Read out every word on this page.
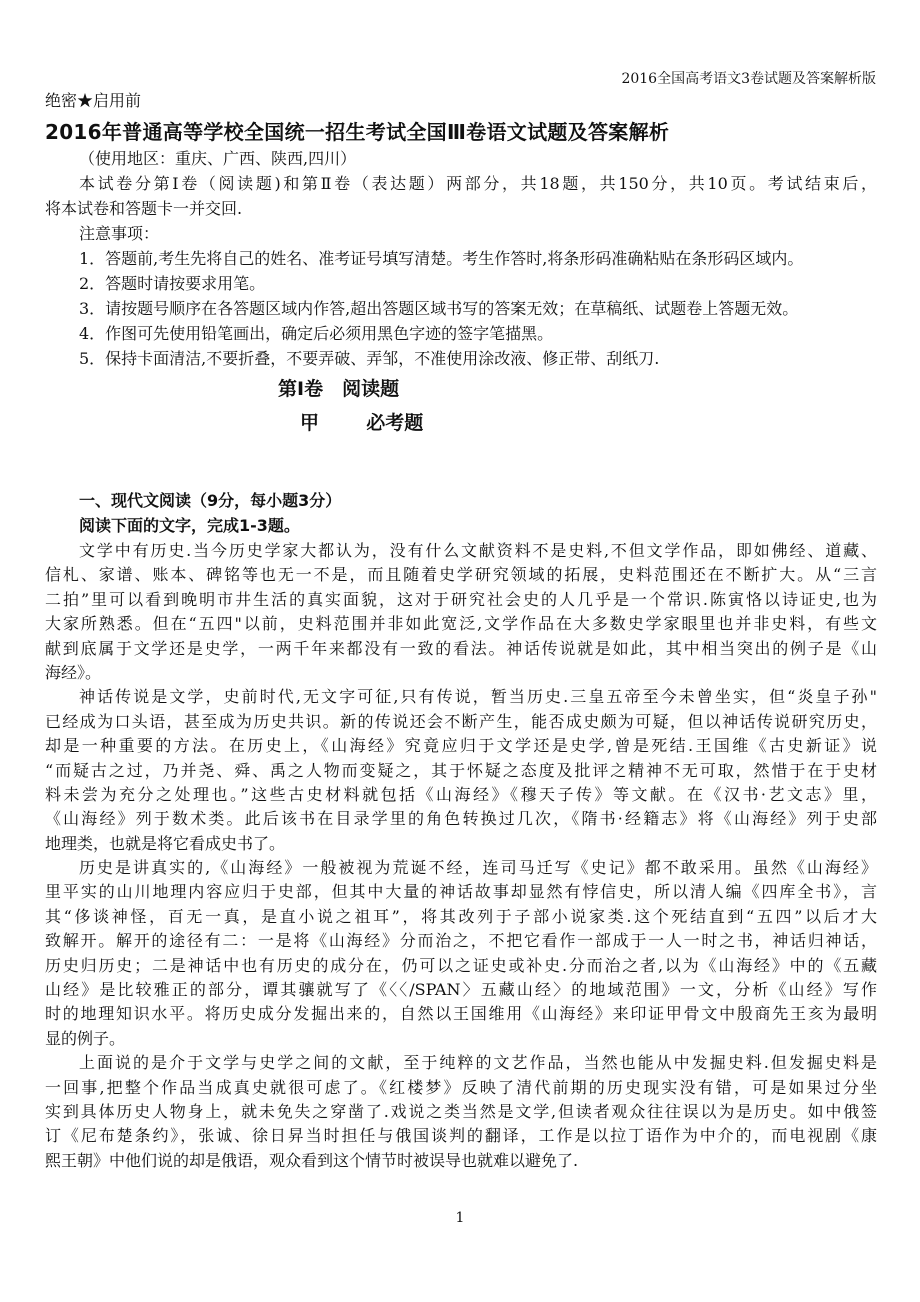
2016全国高考语文3卷试题及答案解析版
绝密★启用前
2016年普通高等学校全国统一招生考试全国Ⅲ卷语文试题及答案解析
（使用地区：重庆、广西、陕西,四川）
本试卷分第Ⅰ卷（阅读题)和第Ⅱ卷（表达题）两部分，共18题，共150分，共10页。考试结束后，
将本试卷和答题卡一并交回.
注意事项：
1．答题前,考生先将自己的姓名、准考证号填写清楚。考生作答时,将条形码准确粘贴在条形码区域内。
2．答题时请按要求用笔。
3．请按题号顺序在各答题区域内作答,超出答题区域书写的答案无效；在草稿纸、试题卷上答题无效。
4．作图可先使用铅笔画出，确定后必须用黑色字迹的签字笔描黑。
5．保持卡面清洁,不要折叠，不要弄破、弄邹，不准使用涂改液、修正带、刮纸刀.
第Ⅰ卷　阅读题
甲 必考题
一、现代文阅读（9分，每小题3分）
阅读下面的文字，完成1-3题。
文学中有历史.当今历史学家大都认为，没有什么文献资料不是史料,不但文学作品，即如佛经、道藏、
信札、家谱、账本、碑铭等也无一不是，而且随着史学研究领域的拓展，史料范围还在不断扩大。从“三言
二拍”里可以看到晚明市井生活的真实面貌，这对于研究社会史的人几乎是一个常识.陈寅恪以诗证史,也为
大家所熟悉。但在“五四"以前，史料范围并非如此宽泛,文学作品在大多数史学家眼里也并非史料，有些文
献到底属于文学还是史学，一两千年来都没有一致的看法。神话传说就是如此，其中相当突出的例子是《山
海经》。
神话传说是文学，史前时代,无文字可征,只有传说，暂当历史.三皇五帝至今未曾坐实，但“炎皇子孙"
已经成为口头语，甚至成为历史共识。新的传说还会不断产生，能否成史颇为可疑，但以神话传说研究历史，
却是一种重要的方法。在历史上，《山海经》究竟应归于文学还是史学,曾是死结.王国维《古史新证》说
“而疑古之过，乃并尧、舜、禹之人物而变疑之，其于怀疑之态度及批评之精神不无可取，然惜于在于史材
料未尝为充分之处理也。”这些古史材料就包括《山海经》《穆天子传》等文献。在《汉书·艺文志》里，
《山海经》列于数术类。此后该书在目录学里的角色转换过几次，《隋书·经籍志》将《山海经》列于史部
地理类，也就是将它看成史书了。
历史是讲真实的,《山海经》一般被视为荒诞不经，连司马迁写《史记》都不敢采用。虽然《山海经》
里平实的山川地理内容应归于史部，但其中大量的神话故事却显然有悖信史，所以清人编《四库全书》，言
其“侈谈神怪，百无一真，是直小说之祖耳”，将其改列于子部小说家类.这个死结直到“五四”以后才大
致解开。解开的途径有二：一是将《山海经》分而治之，不把它看作一部成于一人一时之书，神话归神话，
历史归历史；二是神话中也有历史的成分在，仍可以之证史或补史.分而治之者,以为《山海经》中的《五藏
山经》是比较雅正的部分，谭其骧就写了《〈〈/SPAN〉五藏山经〉的地域范围》一文，分析《山经》写作
时的地理知识水平。将历史成分发掘出来的，自然以王国维用《山海经》来印证甲骨文中殷商先王亥为最明
显的例子。
上面说的是介于文学与史学之间的文献，至于纯粹的文艺作品，当然也能从中发掘史料.但发掘史料是
一回事,把整个作品当成真史就很可虑了。《红楼梦》反映了清代前期的历史现实没有错，可是如果过分坐
实到具体历史人物身上，就未免失之穿凿了.戏说之类当然是文学,但读者观众往往误以为是历史。如中俄签
订《尼布楚条约》，张诚、徐日昇当时担任与俄国谈判的翻译，工作是以拉丁语作为中介的，而电视剧《康
熙王朝》中他们说的却是俄语，观众看到这个情节时被误导也就难以避免了.
1
